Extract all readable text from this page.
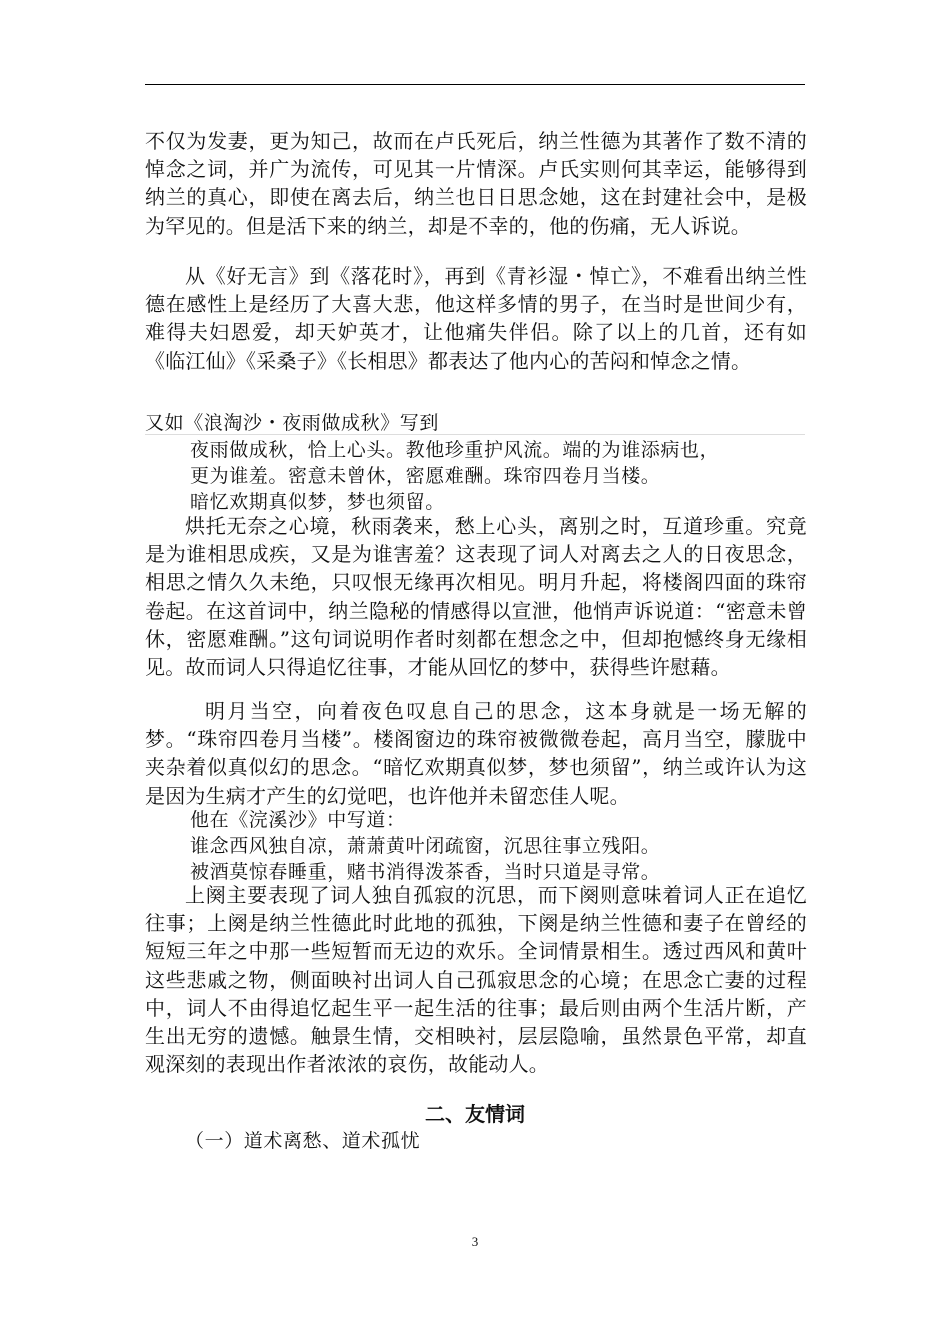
不仅为发妻，更为知己，故而在卢氏死后，纳兰性德为其著作了数不清的悼念之词，并广为流传，可见其一片情深。卢氏实则何其幸运，能够得到纳兰的真心，即使在离去后，纳兰也日日思念她，这在封建社会中，是极为罕见的。但是活下来的纳兰，却是不幸的，他的伤痛，无人诉说。

从《好无言》到《落花时》，再到《青衫湿・悼亡》，不难看出纳兰性德在感性上是经历了大喜大悲，他这样多情的男子，在当时是世间少有，难得夫妇恩爱，却天妒英才，让他痛失伴侣。除了以上的几首，还有如《临江仙》《采桑子》《长相思》都表达了他内心的苦闷和悼念之情。

又如《浪淘沙・夜雨做成秋》写到
夜雨做成秋，恰上心头。教他珍重护风流。端的为谁添病也，
更为谁羞。密意未曾休，密愿难酬。珠帘四卷月当楼。
暗忆欢期真似梦，梦也须留。

烘托无奈之心境，秋雨袭来，愁上心头，离别之时，互道珍重。究竟是为谁相思成疾，又是为谁害羞？这表现了词人对离去之人的日夜思念，相思之情久久未绝，只叹恨无缘再次相见。明月升起，将楼阁四面的珠帘卷起。在这首词中，纳兰隐秘的情感得以宣泄，他悄声诉说道：“密意未曾休，密愿难酬。”这句词说明作者时刻都在想念之中，但却抱憾终身无缘相见。故而词人只得追忆往事，才能从回忆的梦中，获得些许慰藉。

明月当空，向着夜色叹息自己的思念，这本身就是一场无解的梦。“珠帘四卷月当楼”。楼阁窗边的珠帘被微微卷起，高月当空，朦胧中夹杂着似真似幻的思念。“暗忆欢期真似梦，梦也须留”，纳兰或许认为这是因为生病才产生的幻觉吧，也许他并未留恋佳人呢。

他在《浣溪沙》中写道：
谁念西风独自凉，萧萧黄叶闭疏窗，沉思往事立残阳。
被酒莫惊春睡重，赌书消得泼茶香，当时只道是寻常。

上阕主要表现了词人独自孤寂的沉思，而下阕则意味着词人正在追忆往事；上阕是纳兰性德此时此地的孤独，下阕是纳兰性德和妻子在曾经的短短三年之中那一些短暂而无边的欢乐。全词情景相生。透过西风和黄叶这些悲戚之物，侧面映衬出词人自己孤寂思念的心境；在思念亡妻的过程中，词人不由得追忆起生平一起生活的往事；最后则由两个生活片断，产生出无穷的遗憾。触景生情，交相映衬，层层隐喻，虽然景色平常，却直观深刻的表现出作者浓浓的哀伤，故能动人。

二、友情词
（一）道术离愁、道术孤忧
3
